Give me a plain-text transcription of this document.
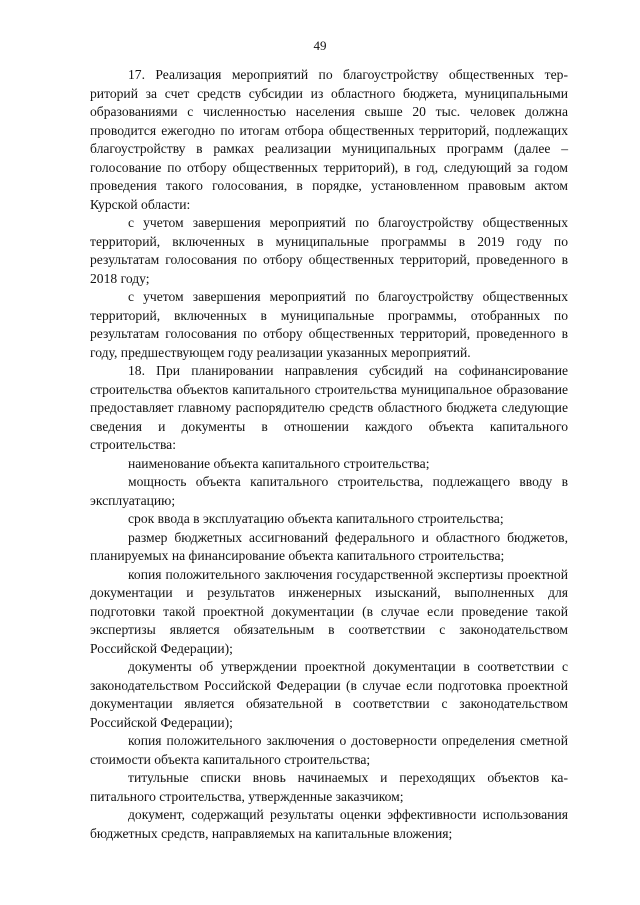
49

17. Реализация мероприятий по благоустройству общественных территорий за счет средств субсидии из областного бюджета, муниципальными образованиями с численностью населения свыше 20 тыс. человек должна проводится ежегодно по итогам отбора общественных территорий, подлежащих благоустройству в рамках реализации муниципальных программ (далее – голосование по отбору общественных территорий), в год, следующий за годом проведения такого голосования, в порядке, установленном правовым актом Курской области:

с учетом завершения мероприятий по благоустройству общественных территорий, включенных в муниципальные программы в 2019 году по результатам голосования по отбору общественных территорий, проведенного в 2018 году;

с учетом завершения мероприятий по благоустройству общественных территорий, включенных в муниципальные программы, отобранных по результатам голосования по отбору общественных территорий, проведенного в году, предшествующем году реализации указанных мероприятий.

18. При планировании направления субсидий на софинансирование строительства объектов капитального строительства муниципальное образование предоставляет главному распорядителю средств областного бюджета следующие сведения и документы в отношении каждого объекта капитального строительства:

наименование объекта капитального строительства;

мощность объекта капитального строительства, подлежащего вводу в эксплуатацию;

срок ввода в эксплуатацию объекта капитального строительства;

размер бюджетных ассигнований федерального и областного бюджетов, планируемых на финансирование объекта капитального строительства;

копия положительного заключения государственной экспертизы проектной документации и результатов инженерных изысканий, выполненных для подготовки такой проектной документации (в случае если проведение такой экспертизы является обязательным в соответствии с законодательством Российской Федерации);

документы об утверждении проектной документации в соответствии с законодательством Российской Федерации (в случае если подготовка проектной документации является обязательной в соответствии с законодательством Российской Федерации);

копия положительного заключения о достоверности определения сметной стоимости объекта капитального строительства;

титульные списки вновь начинаемых и переходящих объектов капитального строительства, утвержденные заказчиком;

документ, содержащий результаты оценки эффективности использования бюджетных средств, направляемых на капитальные вложения;
